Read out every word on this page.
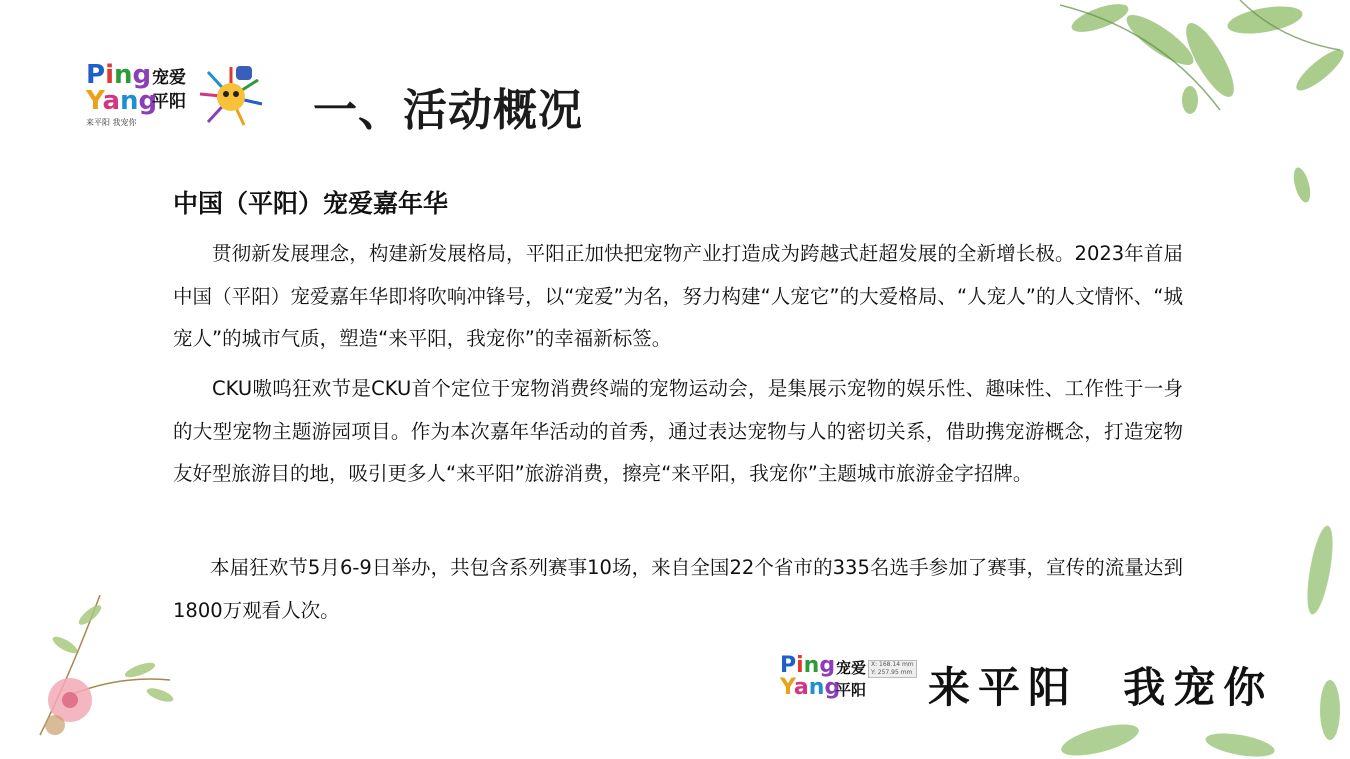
Ping
Yang
来平阳 我宠你
宠爱平阳	一、活动概况
中国（平阳）宠爱嘉年华
贯彻新发展理念，构建新发展格局，平阳正加快把宠物产业打造成为跨越式赶超发展的全新增长极。2023年首届中国（平阳）宠爱嘉年华即将吹响冲锋号，以“宠爱”为名，努力构建“人宠它”的大爱格局、“人宠人”的人文情怀、“城宠人”的城市气质，塑造“来平阳，我宠你”的幸福新标签。
CKU嗷呜狂欢节是CKU首个定位于宠物消费终端的宠物运动会，是集展示宠物的娱乐性、趣味性、工作性于一身的大型宠物主题游园项目。作为本次嘉年华活动的首秀，通过表达宠物与人的密切关系，借助携宠游概念，打造宠物友好型旅游目的地，吸引更多人“来平阳”旅游消费，擦亮“来平阳，我宠你”主题城市旅游金字招牌。
本届狂欢节5月6-9日举办，共包含系列赛事10场，来自全国22个省市的335名选手参加了赛事，宣传的流量达到1800万观看人次。
Ping
Yang
宠爱平阳
X: 168.14 mm
Y: 257.95 mm 来平阳  我宠你
